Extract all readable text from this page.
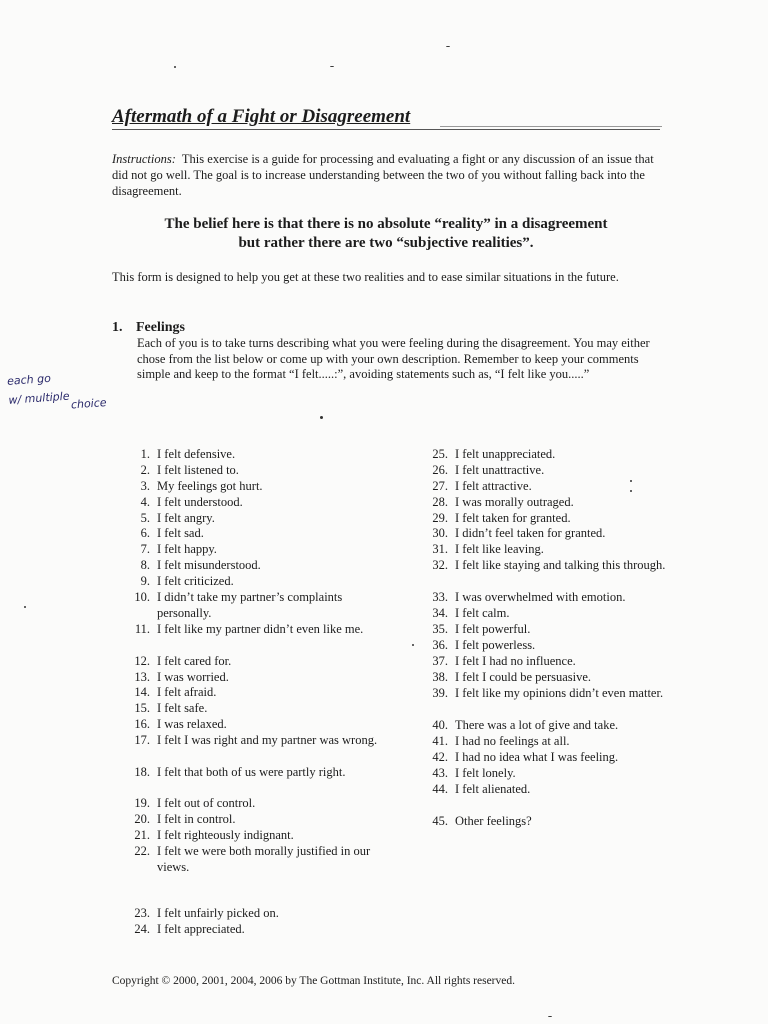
Aftermath of a Fight or Disagreement
Instructions: This exercise is a guide for processing and evaluating a fight or any discussion of an issue that did not go well. The goal is to increase understanding between the two of you without falling back into the disagreement.
The belief here is that there is no absolute “reality” in a disagreement
but rather there are two “subjective realities”.
This form is designed to help you get at these two realities and to ease similar situations in the future.
1. Feelings
Each of you is to take turns describing what you were feeling during the disagreement. You may either chose from the list below or come up with your own description. Remember to keep your comments simple and keep to the format “I felt.....:”, avoiding statements such as, “I felt like you.....”
each go
w/ multiple choice
1. I felt defensive.
2. I felt listened to.
3. My feelings got hurt.
4. I felt understood.
5. I felt angry.
6. I felt sad.
7. I felt happy.
8. I felt misunderstood.
9. I felt criticized.
10. I didn’t take my partner’s complaints personally.
11. I felt like my partner didn’t even like me.
12. I felt cared for.
13. I was worried.
14. I felt afraid.
15. I felt safe.
16. I was relaxed.
17. I felt I was right and my partner was wrong.
18. I felt that both of us were partly right.
19. I felt out of control.
20. I felt in control.
21. I felt righteously indignant.
22. I felt we were both morally justified in our views.
23. I felt unfairly picked on.
24. I felt appreciated.
25. I felt unappreciated.
26. I felt unattractive.
27. I felt attractive.
28. I was morally outraged.
29. I felt taken for granted.
30. I didn’t feel taken for granted.
31. I felt like leaving.
32. I felt like staying and talking this through.
33. I was overwhelmed with emotion.
34. I felt calm.
35. I felt powerful.
36. I felt powerless.
37. I felt I had no influence.
38. I felt I could be persuasive.
39. I felt like my opinions didn’t even matter.
40. There was a lot of give and take.
41. I had no feelings at all.
42. I had no idea what I was feeling.
43. I felt lonely.
44. I felt alienated.
45. Other feelings?
Copyright © 2000, 2001, 2004, 2006 by The Gottman Institute, Inc. All rights reserved.
